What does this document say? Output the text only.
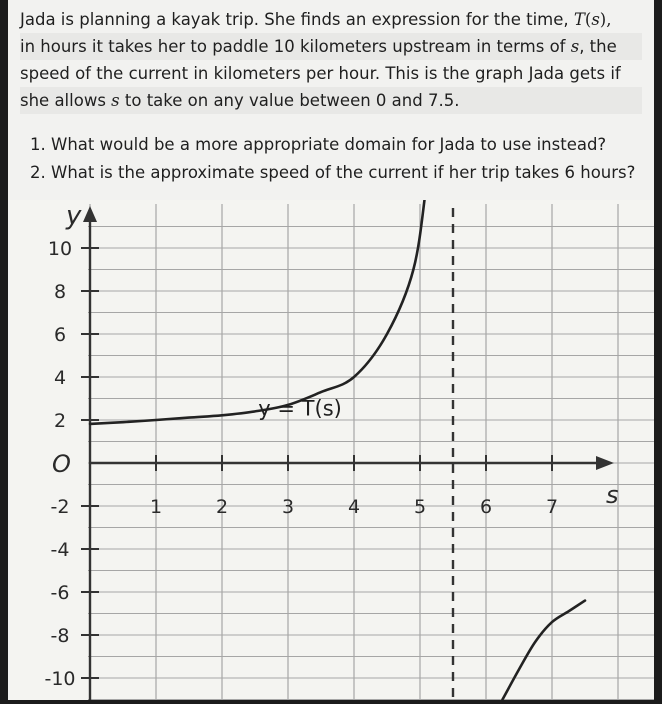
Jada is planning a kayak trip. She finds an expression for the time, T(s),

in hours it takes her to paddle 10 kilometers upstream in terms of s, the

speed of the current in kilometers per hour. This is the graph Jada gets if

she allows s to take on any value between 0 and 7.5.

1. What would be a more appropriate domain for Jada to use instead?

2. What is the approximate speed of the current if her trip takes 6 hours?

y
s
O
y = T(s)
10
8
6
4
2
-2
-4
-6
-8
-10
1	2	3	4	5	6	7
